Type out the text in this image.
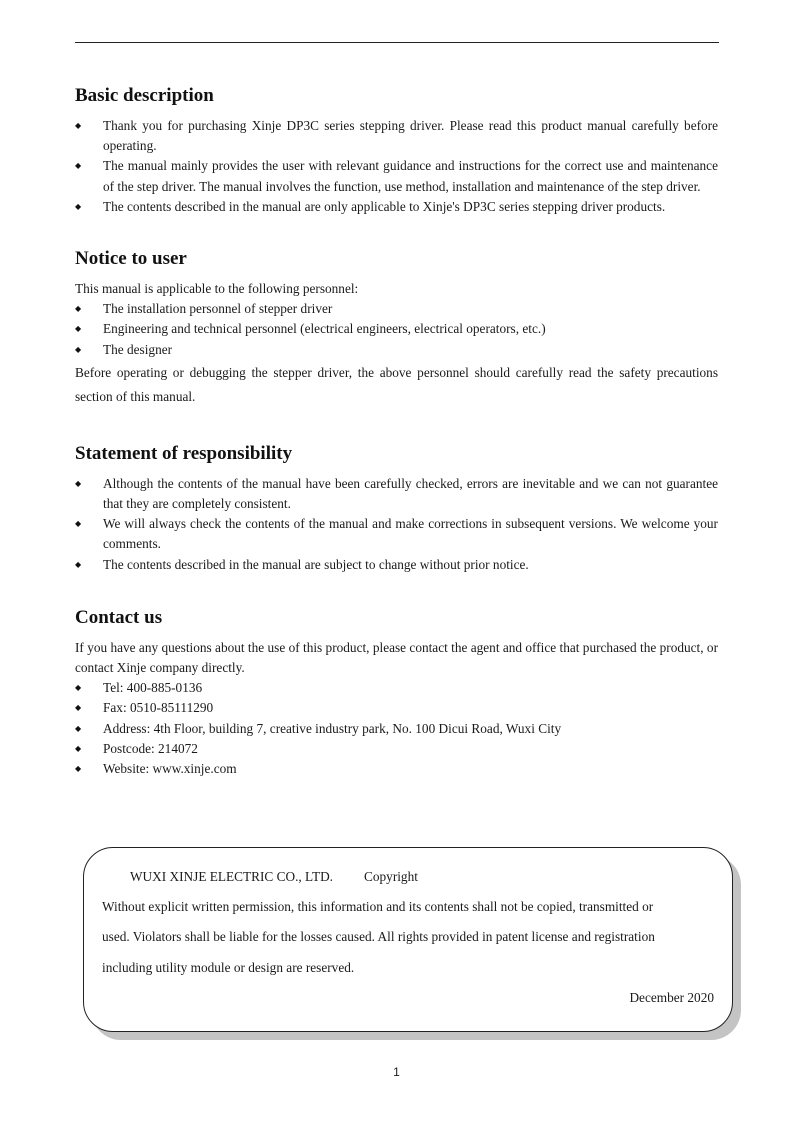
Basic description
◆ Thank you for purchasing Xinje DP3C series stepping driver. Please read this product manual carefully before operating.
◆ The manual mainly provides the user with relevant guidance and instructions for the correct use and maintenance of the step driver. The manual involves the function, use method, installation and maintenance of the step driver.
◆ The contents described in the manual are only applicable to Xinje's DP3C series stepping driver products.
Notice to user

This manual is applicable to the following personnel:

◆ The installation personnel of stepper driver
◆ Engineering and technical personnel (electrical engineers, electrical operators, etc.)
◆ The designer

Before operating or debugging the stepper driver, the above personnel should carefully read the safety precautions section of this manual.

Statement of responsibility
◆ Although the contents of the manual have been carefully checked, errors are inevitable and we can not guarantee that they are completely consistent.
◆ We will always check the contents of the manual and make corrections in subsequent versions. We welcome your comments.
◆ The contents described in the manual are subject to change without prior notice.
Contact us

If you have any questions about the use of this product, please contact the agent and office that purchased the product, or contact Xinje company directly.

◆ Tel: 400-885-0136
◆ Fax: 0510-85111290
◆ Address: 4th Floor, building 7, creative industry park, No. 100 Dicui Road, Wuxi City
◆ Postcode: 214072
◆ Website: www.xinje.com
WUXI XINJE ELECTRIC CO., LTD. Copyright
Without explicit written permission, this information and its contents shall not be copied, transmitted or
used. Violators shall be liable for the losses caused. All rights provided in patent license and registration
including utility module or design are reserved.
December 2020
1
